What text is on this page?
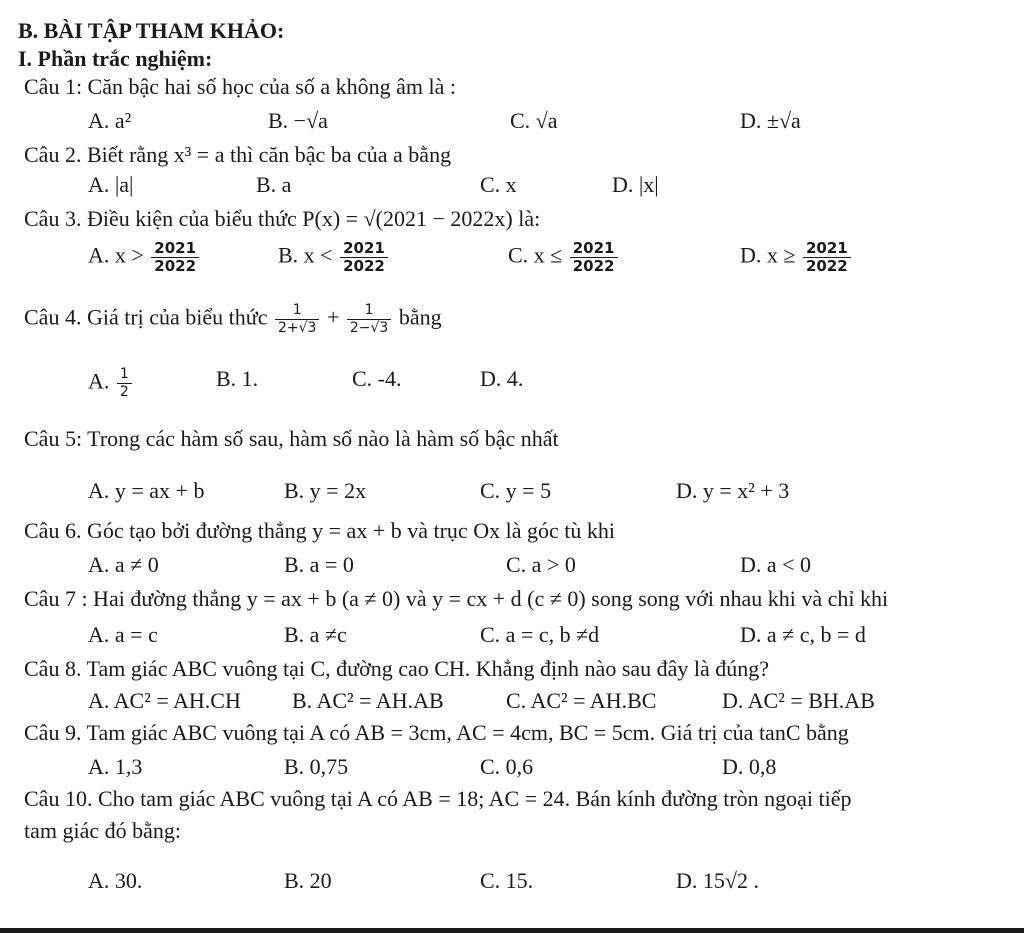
B. BÀI TẬP THAM KHẢO:
I. Phần trắc nghiệm:
Câu 1: Căn bậc hai số học của số a không âm là :
A. a²	B. −√a	C. √a	D. ±√a
Câu 2. Biết rằng x³ = a thì căn bậc ba của a bằng
A. |a|	B. a	C. x	D. |x|
Câu 3. Điều kiện của biểu thức P(x) = √(2021 − 2022x) là:
A. $x > \frac{2021}{2022}$	B. $x < \frac{2021}{2022}$	C. $x \le \frac{2021}{2022}$	D. $x \ge \frac{2021}{2022}$
Câu 4. Giá trị của biểu thức $\frac{1}{2+√3} + \frac{1}{2-√3}$ bằng
A. $\frac{1}{2}$	B. 1.	C. -4.	D. 4.
Câu 5: Trong các hàm số sau, hàm số nào là hàm số bậc nhất
A. y = ax + b	B. y = 2x	C. y = 5	D. y = x² + 3
Câu 6. Góc tạo bởi đường thẳng y = ax + b và trục Ox là góc tù khi
A. a ≠ 0	B. a = 0	C. a > 0	D. a < 0
Câu 7 : Hai đường thẳng y = ax + b (a ≠ 0) và y = cx + d (c ≠ 0) song song với nhau khi và chỉ khi
A. a = c	B. a ≠c	C. a = c, b ≠d	D. a ≠ c, b = d
Câu 8. Tam giác ABC vuông tại C, đường cao CH. Khẳng định nào sau đây là đúng?
A. AC² = AH.CH B. AC² = AH.AB	C. AC² = AH.BC	D. AC² = BH.AB
Câu 9. Tam giác ABC vuông tại A có AB = 3cm, AC = 4cm, BC = 5cm. Giá trị của tanC bằng
A. 1,3	B. 0,75	C. 0,6	D. 0,8
Câu 10. Cho tam giác ABC vuông tại A có AB = 18; AC = 24. Bán kính đường tròn ngoại tiếp
tam giác đó bằng:
A. 30.	B. 20	C. 15.	D. 15√2 .
